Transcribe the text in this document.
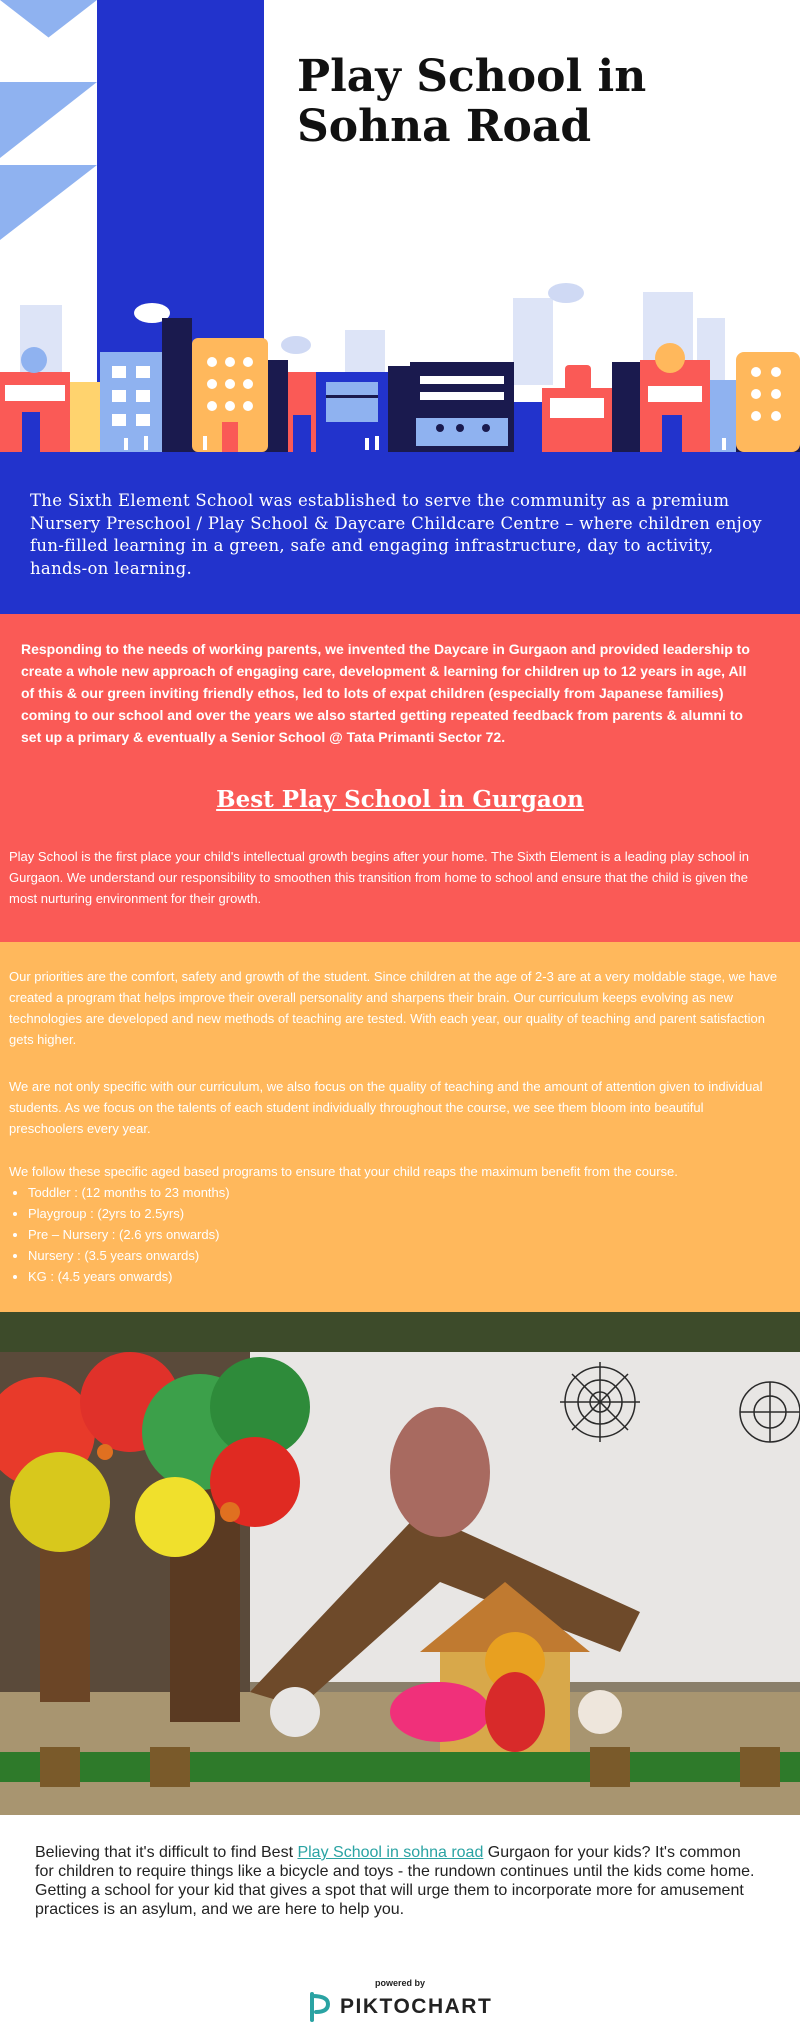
Play School in Sohna Road

The Sixth Element School was established to serve the community as a premium Nursery Preschool / Play School & Daycare Childcare Centre – where children enjoy fun-filled learning in a green, safe and engaging infrastructure, day to activity, hands-on learning.

Responding to the needs of working parents, we invented the Daycare in Gurgaon and provided leadership to create a whole new approach of engaging care, development & learning for children up to 12 years in age, All of this & our green inviting friendly ethos, led to lots of expat children (especially from Japanese families) coming to our school and over the years we also started getting repeated feedback from parents & alumni to set up a primary & eventually a Senior School @ Tata Primanti Sector 72.

Best Play School in Gurgaon

Play School is the first place your child's intellectual growth begins after your home. The Sixth Element is a leading play school in Gurgaon. We understand our responsibility to smoothen this transition from home to school and ensure that the child is given the most nurturing environment for their growth.

Our priorities are the comfort, safety and growth of the student. Since children at the age of 2-3 are at a very moldable stage, we have created a program that helps improve their overall personality and sharpens their brain. Our curriculum keeps evolving as new technologies are developed and new methods of teaching are tested. With each year, our quality of teaching and parent satisfaction gets higher.

We are not only specific with our curriculum, we also focus on the quality of teaching and the amount of attention given to individual students. As we focus on the talents of each student individually throughout the course, we see them bloom into beautiful preschoolers every year.

We follow these specific aged based programs to ensure that your child reaps the maximum benefit from the course.

• Toddler : (12 months to 23 months)
• Playgroup : (2yrs to 2.5yrs)
• Pre – Nursery : (2.6 yrs onwards)
• Nursery : (3.5 years onwards)
• KG : (4.5 years onwards)

Believing that it's difficult to find Best Play School in sohna road Gurgaon for your kids? It's common for children to require things like a bicycle and toys - the rundown continues until the kids come home. Getting a school for your kid that gives a spot that will urge them to incorporate more for amusement practices is an asylum, and we are here to help you.

powered by
PIKTOCHART
